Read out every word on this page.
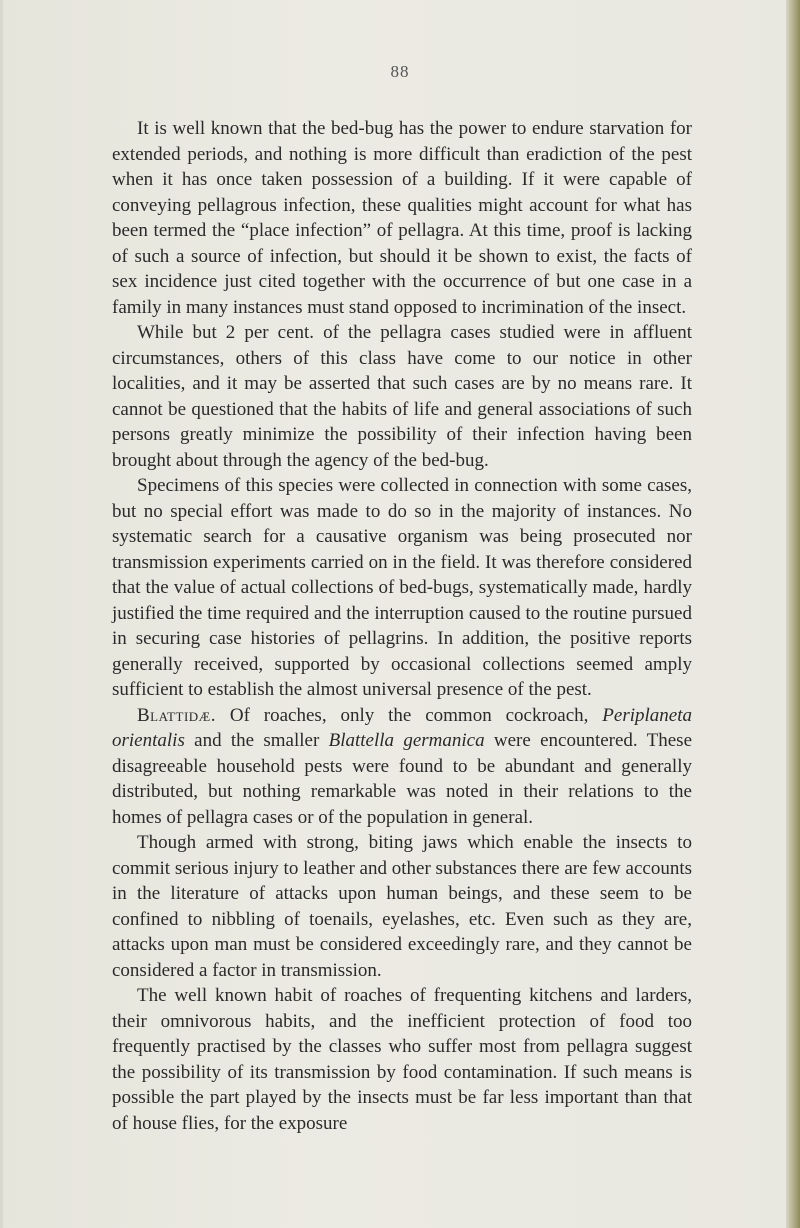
88

It is well known that the bed-bug has the power to endure starvation for extended periods, and nothing is more difficult than eradiction of the pest when it has once taken possession of a building. If it were capable of conveying pellagrous infection, these qualities might account for what has been termed the “place infection” of pellagra. At this time, proof is lacking of such a source of infection, but should it be shown to exist, the facts of sex incidence just cited together with the occurrence of but one case in a family in many instances must stand opposed to incrimination of the insect.

While but 2 per cent. of the pellagra cases studied were in affluent circumstances, others of this class have come to our notice in other localities, and it may be asserted that such cases are by no means rare. It cannot be questioned that the habits of life and general associations of such persons greatly minimize the possibility of their infection having been brought about through the agency of the bed-bug.

Specimens of this species were collected in connection with some cases, but no special effort was made to do so in the majority of instances. No systematic search for a causative organism was being prosecuted nor transmission experiments carried on in the field. It was therefore considered that the value of actual collections of bed-bugs, systematically made, hardly justified the time required and the interruption caused to the routine pursued in securing case histories of pellagrins. In addition, the positive reports generally received, supported by occasional collections seemed amply sufficient to establish the almost universal presence of the pest.

Blattidæ. Of roaches, only the common cockroach, Periplaneta orientalis and the smaller Blattella germanica were encountered. These disagreeable household pests were found to be abundant and generally distributed, but nothing remarkable was noted in their relations to the homes of pellagra cases or of the population in general.

Though armed with strong, biting jaws which enable the insects to commit serious injury to leather and other substances there are few accounts in the literature of attacks upon human beings, and these seem to be confined to nibbling of toenails, eyelashes, etc. Even such as they are, attacks upon man must be considered exceedingly rare, and they cannot be considered a factor in transmission.

The well known habit of roaches of frequenting kitchens and larders, their omnivorous habits, and the inefficient protection of food too frequently practised by the classes who suffer most from pellagra suggest the possibility of its transmission by food contamination. If such means is possible the part played by the insects must be far less important than that of house flies, for the exposure
